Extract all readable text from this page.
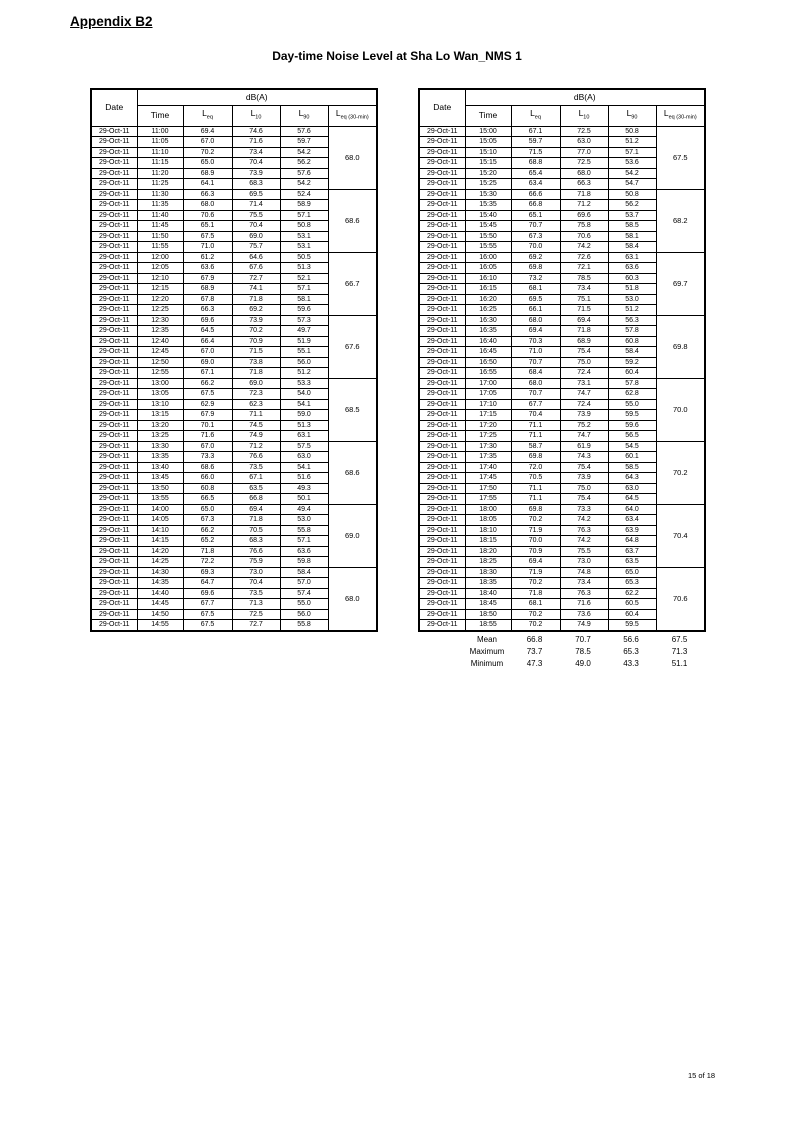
Appendix B2
Day-time Noise Level at Sha Lo Wan_NMS 1
Date	dB(A)				
	Time	$L_{eq}$	$L_{10}$	$L_{90}$	$L_{eq (30-min)}$
29-Oct-11	11:00	69.4	74.6	57.6	68.0
29-Oct-11	11:05	67.0	71.6	59.7	
29-Oct-11	11:10	70.2	73.4	54.2	
29-Oct-11	11:15	65.0	70.4	56.2	
29-Oct-11	11:20	68.9	73.9	57.6	
29-Oct-11	11:25	64.1	68.3	54.2	
29-Oct-11	11:30	66.3	69.5	52.4	68.6
29-Oct-11	11:35	68.0	71.4	58.9	
29-Oct-11	11:40	70.6	75.5	57.1	
29-Oct-11	11:45	65.1	70.4	50.8	
29-Oct-11	11:50	67.5	69.0	53.1	
29-Oct-11	11:55	71.0	75.7	53.1	
29-Oct-11	12:00	61.2	64.6	50.5	66.7
29-Oct-11	12:05	63.6	67.6	51.3	
29-Oct-11	12:10	67.9	72.7	52.1	
29-Oct-11	12:15	68.9	74.1	57.1	
29-Oct-11	12:20	67.8	71.8	58.1	
29-Oct-11	12:25	66.3	69.2	59.6	
29-Oct-11	12:30	69.6	73.9	57.3	67.6
29-Oct-11	12:35	64.5	70.2	49.7	
29-Oct-11	12:40	66.4	70.9	51.9	
29-Oct-11	12:45	67.0	71.5	55.1	
29-Oct-11	12:50	69.0	73.8	56.0	
29-Oct-11	12:55	67.1	71.8	51.2	
29-Oct-11	13:00	66.2	69.0	53.3	68.5
29-Oct-11	13:05	67.5	72.3	54.0	
29-Oct-11	13:10	62.9	62.3	54.1	
29-Oct-11	13:15	67.9	71.1	59.0	
29-Oct-11	13:20	70.1	74.5	51.3	
29-Oct-11	13:25	71.6	74.9	63.1	
29-Oct-11	13:30	67.0	71.2	57.5	68.6
29-Oct-11	13:35	73.3	76.6	63.0	
29-Oct-11	13:40	68.6	73.5	54.1	
29-Oct-11	13:45	66.0	67.1	51.6	
29-Oct-11	13:50	60.8	63.5	49.3	
29-Oct-11	13:55	66.5	66.8	50.1	
29-Oct-11	14:00	65.0	69.4	49.4	69.0
29-Oct-11	14:05	67.3	71.8	53.0	
29-Oct-11	14:10	66.2	70.5	55.8	
29-Oct-11	14:15	65.2	68.3	57.1	
29-Oct-11	14:20	71.8	76.6	63.6	
29-Oct-11	14:25	72.2	75.9	59.8	
29-Oct-11	14:30	69.3	73.0	58.4	68.0
29-Oct-11	14:35	64.7	70.4	57.0	
29-Oct-11	14:40	69.6	73.5	57.4	
29-Oct-11	14:45	67.7	71.3	55.0	
29-Oct-11	14:50	67.5	72.5	56.0	
29-Oct-11	14:55	67.5	72.7	55.8	
Date	dB(A)				
	Time	$L_{eq}$	$L_{10}$	$L_{90}$	$L_{eq (30-min)}$
29-Oct-11	15:00	67.1	72.5	50.8	67.5
29-Oct-11	15:05	59.7	63.0	51.2	
29-Oct-11	15:10	71.5	77.0	57.1	
29-Oct-11	15:15	68.8	72.5	53.6	
29-Oct-11	15:20	65.4	68.0	54.2	
29-Oct-11	15:25	63.4	66.3	54.7	
29-Oct-11	15:30	66.6	71.8	50.8	68.2
29-Oct-11	15:35	66.8	71.2	56.2	
29-Oct-11	15:40	65.1	69.6	53.7	
29-Oct-11	15:45	70.7	75.8	58.5	
29-Oct-11	15:50	67.3	70.6	58.1	
29-Oct-11	15:55	70.0	74.2	58.4	
29-Oct-11	16:00	69.2	72.6	63.1	69.7
29-Oct-11	16:05	69.8	72.1	63.6	
29-Oct-11	16:10	73.2	78.5	60.3	
29-Oct-11	16:15	68.1	73.4	51.8	
29-Oct-11	16:20	69.5	75.1	53.0	
29-Oct-11	16:25	66.1	71.5	51.2	
29-Oct-11	16:30	68.0	69.4	56.3	69.8
29-Oct-11	16:35	69.4	71.8	57.8	
29-Oct-11	16:40	70.3	68.9	60.8	
29-Oct-11	16:45	71.0	75.4	58.4	
29-Oct-11	16:50	70.7	75.0	59.2	
29-Oct-11	16:55	68.4	72.4	60.4	
29-Oct-11	17:00	68.0	73.1	57.8	70.0
29-Oct-11	17:05	70.7	74.7	62.8	
29-Oct-11	17:10	67.7	72.4	55.0	
29-Oct-11	17:15	70.4	73.9	59.5	
29-Oct-11	17:20	71.1	75.2	59.6	
29-Oct-11	17:25	71.1	74.7	56.5	
29-Oct-11	17:30	58.7	61.9	54.5	70.2
29-Oct-11	17:35	69.8	74.3	60.1	
29-Oct-11	17:40	72.0	75.4	58.5	
29-Oct-11	17:45	70.5	73.9	64.3	
29-Oct-11	17:50	71.1	75.0	63.0	
29-Oct-11	17:55	71.1	75.4	64.5	
29-Oct-11	18:00	69.8	73.3	64.0	70.4
29-Oct-11	18:05	70.2	74.2	63.4	
29-Oct-11	18:10	71.9	76.3	63.9	
29-Oct-11	18:15	70.0	74.2	64.8	
29-Oct-11	18:20	70.9	75.5	63.7	
29-Oct-11	18:25	69.4	73.0	63.5	
29-Oct-11	18:30	71.9	74.8	65.0	70.6
29-Oct-11	18:35	70.2	73.4	65.3	
29-Oct-11	18:40	71.8	76.3	62.2	
29-Oct-11	18:45	68.1	71.6	60.5	
29-Oct-11	18:50	70.2	73.6	60.4	
29-Oct-11	18:55	70.2	74.9	59.5	
	Mean	66.8	70.7	56.6	67.5
	Maximum	73.7	78.5	65.3	71.3
	Minimum	47.3	49.0	43.3	51.1
15 of 18
